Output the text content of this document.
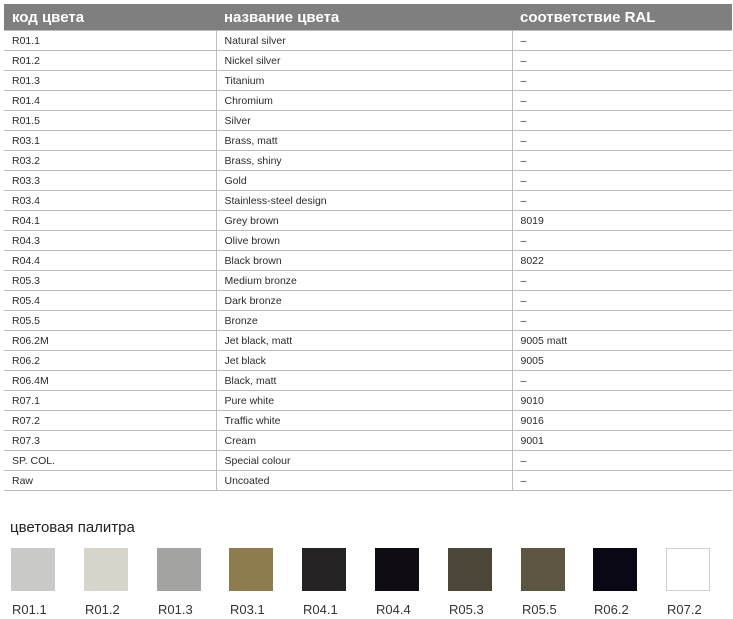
код цвета	название цвета	соответствие RAL
R01.1	Natural silver	–
R01.2	Nickel silver	–
R01.3	Titanium	–
R01.4	Chromium	–
R01.5	Silver	–
R03.1	Brass, matt	–
R03.2	Brass, shiny	–
R03.3	Gold	–
R03.4	Stainless-steel design	–
R04.1	Grey brown	8019
R04.3	Olive brown	–
R04.4	Black brown	8022
R05.3	Medium bronze	–
R05.4	Dark bronze	–
R05.5	Bronze	–
R06.2M	Jet black, matt	9005 matt
R06.2	Jet black	9005
R06.4M	Black, matt	–
R07.1	Pure white	9010
R07.2	Traffic white	9016
R07.3	Cream	9001
SP. COL.	Special colour	–
Raw	Uncoated	–
цветовая палитра
R01.1	R01.2	R01.3	R03.1	R04.1	R04.4	R05.3	R05.5	R06.2	R07.2
